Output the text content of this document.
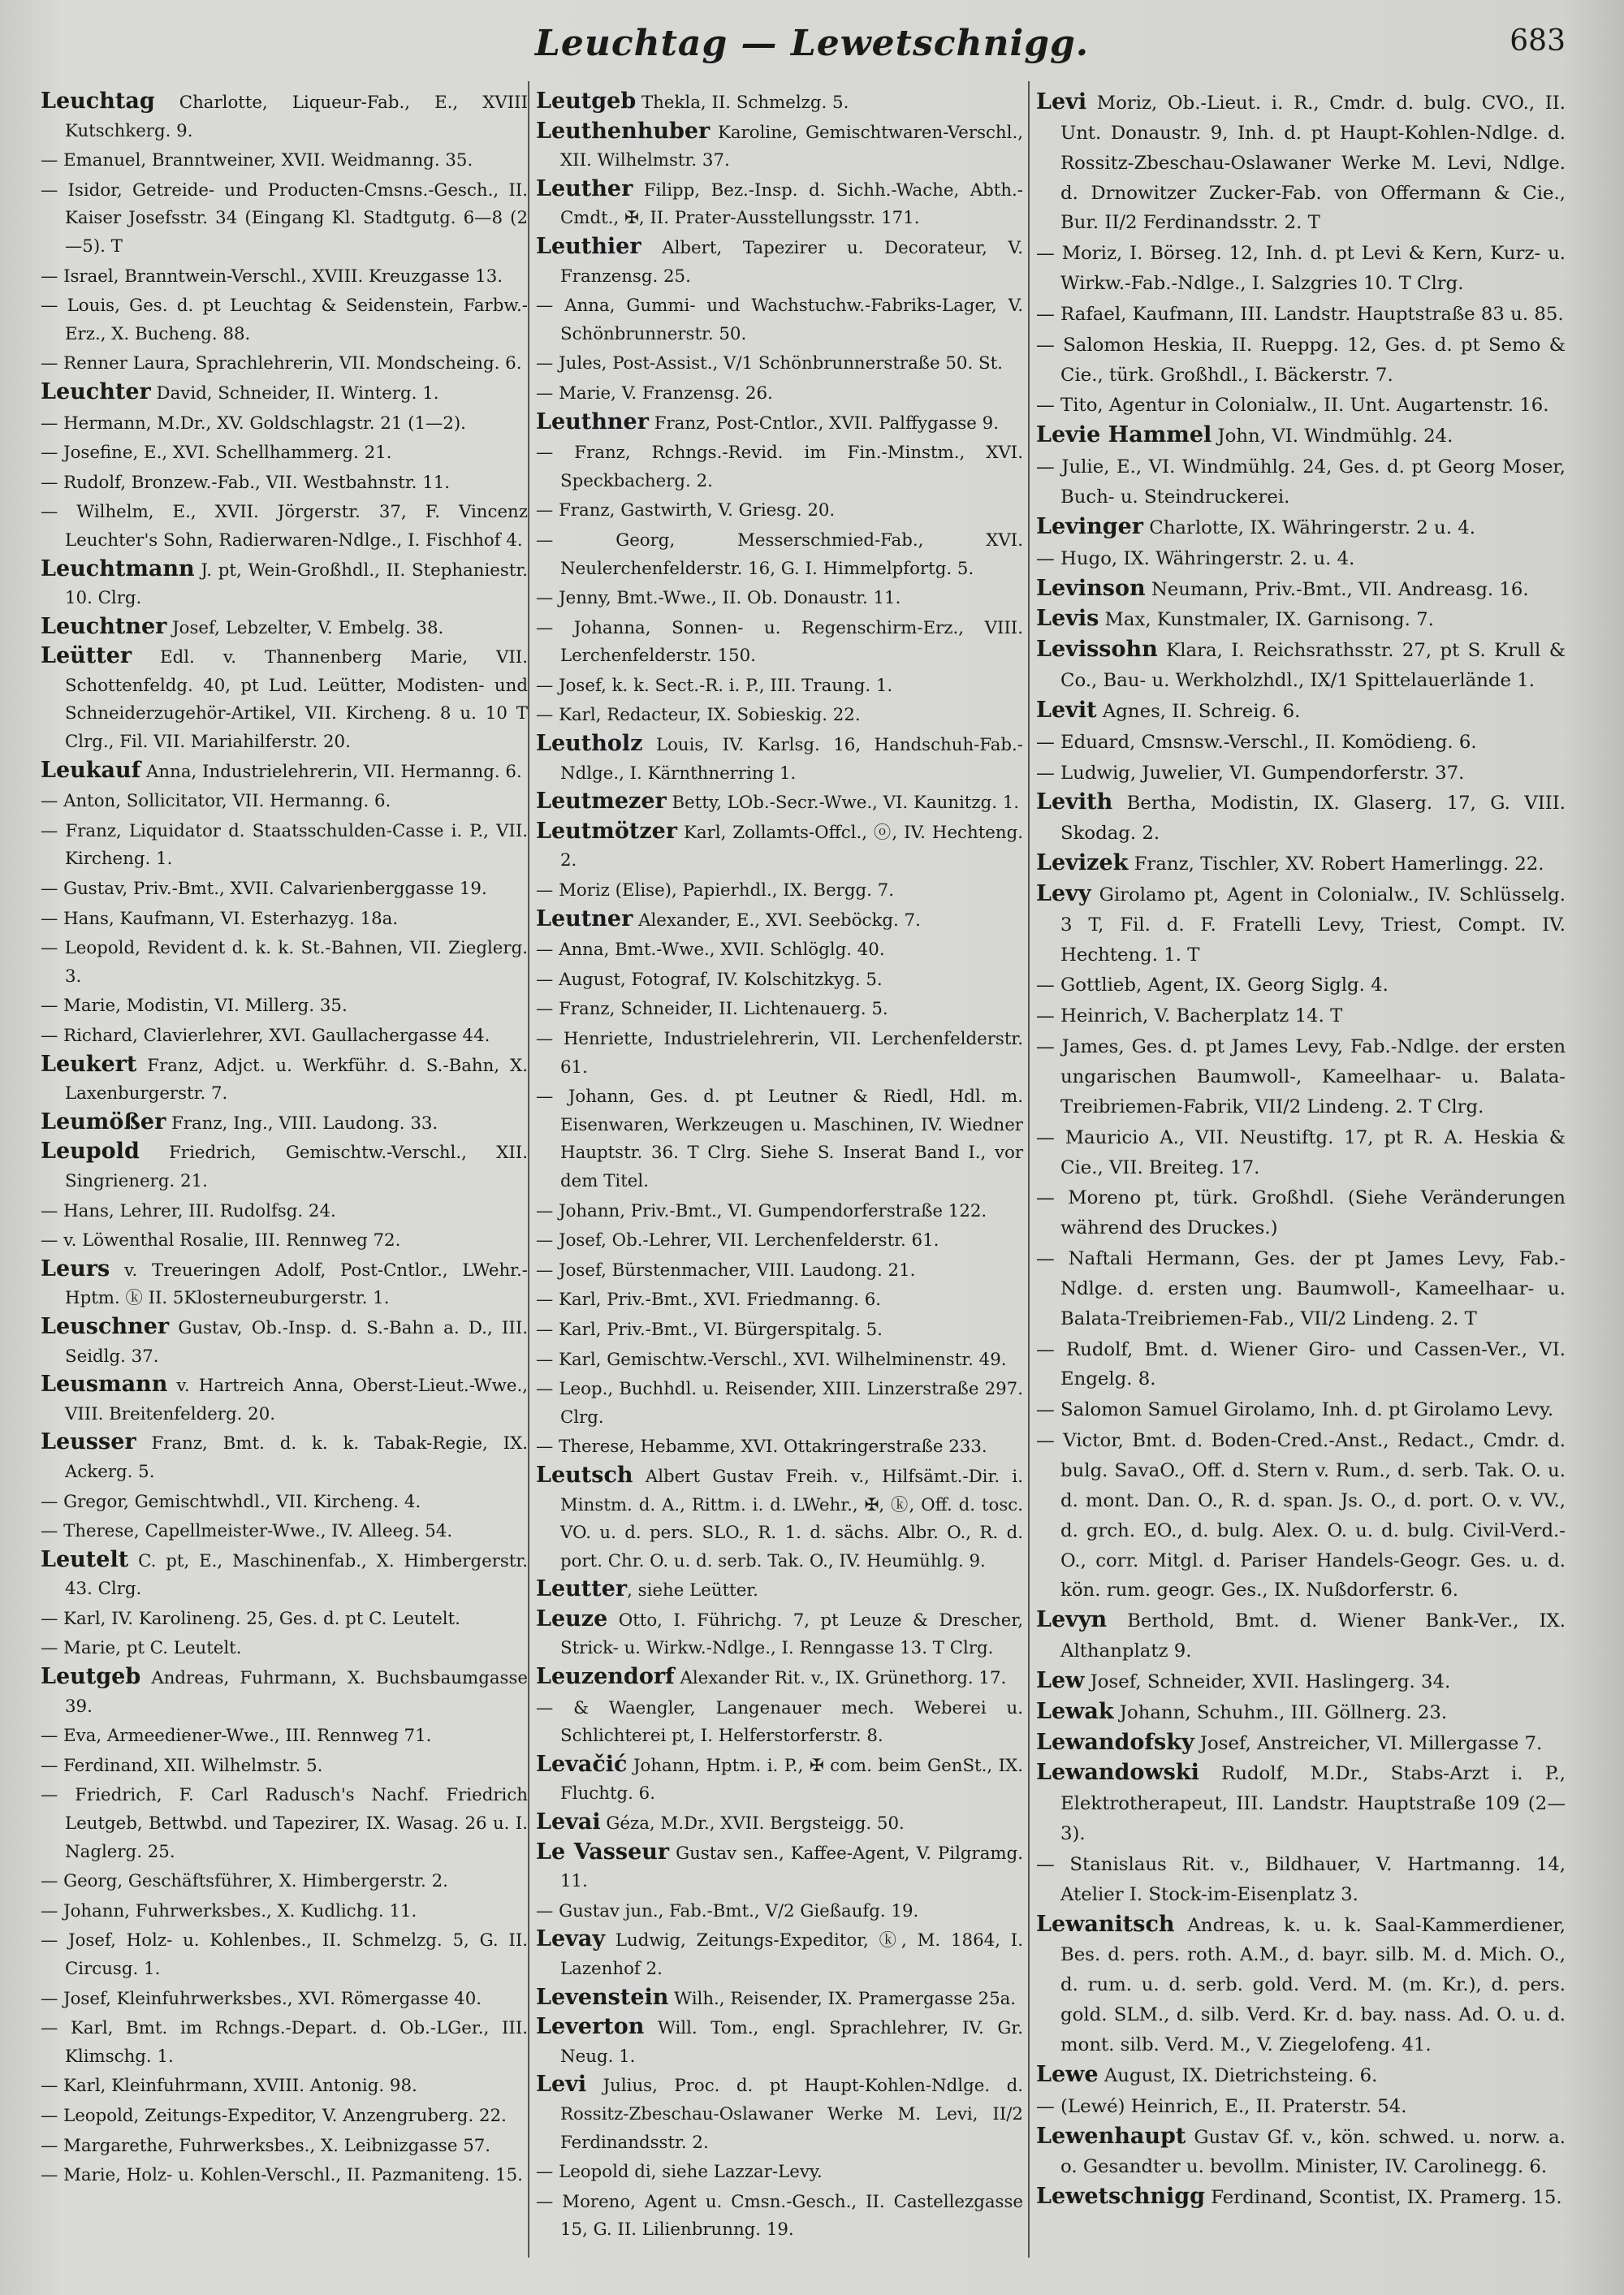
Leuchtag — Lewetschnigg.	683

Leuchtag Charlotte, Liqueur-Fab., E., XVIII Kutschkerg. 9.

— Emanuel, Branntweiner, XVII. Weidmanng. 35.

— Isidor, Getreide- und Producten-Cmsns.-Gesch., II. Kaiser Josefsstr. 34 (Eingang Kl. Stadtgutg. 6—8 (2—5). T

— Israel, Branntwein-Verschl., XVIII. Kreuzgasse 13.

— Louis, Ges. d. pt Leuchtag & Seidenstein, Farbw.-Erz., X. Bucheng. 88.

— Renner Laura, Sprachlehrerin, VII. Mondscheing. 6.

Leuchter David, Schneider, II. Winterg. 1.

— Hermann, M.Dr., XV. Goldschlagstr. 21 (1—2).

— Josefine, E., XVI. Schellhammerg. 21.

— Rudolf, Bronzew.-Fab., VII. Westbahnstr. 11.

— Wilhelm, E., XVII. Jörgerstr. 37, F. Vincenz Leuchter's Sohn, Radierwaren-Ndlge., I. Fischhof 4.

Leuchtmann J. pt, Wein-Großhdl., II. Stephaniestr. 10. Clrg.

Leuchtner Josef, Lebzelter, V. Embelg. 38.

Leütter Edl. v. Thannenberg Marie, VII. Schottenfeldg. 40, pt Lud. Leütter, Modisten- und Schneiderzugehör-Artikel, VII. Kircheng. 8 u. 10 T Clrg., Fil. VII. Mariahilferstr. 20.

Leukauf Anna, Industrielehrerin, VII. Hermanng. 6.

— Anton, Sollicitator, VII. Hermanng. 6.

— Franz, Liquidator d. Staatsschulden-Casse i. P., VII. Kircheng. 1.

— Gustav, Priv.-Bmt., XVII. Calvarienberggasse 19.

— Hans, Kaufmann, VI. Esterhazyg. 18a.

— Leopold, Revident d. k. k. St.-Bahnen, VII. Zieglerg. 3.

— Marie, Modistin, VI. Millerg. 35.

— Richard, Clavierlehrer, XVI. Gaullachergasse 44.

Leukert Franz, Adjct. u. Werkführ. d. S.-Bahn, X. Laxenburgerstr. 7.

Leumößer Franz, Ing., VIII. Laudong. 33.

Leupold Friedrich, Gemischtw.-Verschl., XII. Singrienerg. 21.

— Hans, Lehrer, III. Rudolfsg. 24.

— v. Löwenthal Rosalie, III. Rennweg 72.

Leurs v. Treueringen Adolf, Post-Cntlor., LWehr.-Hptm. ⓚ II. 5Klosterneuburgerstr. 1.

Leuschner Gustav, Ob.-Insp. d. S.-Bahn a. D., III. Seidlg. 37.

Leusmann v. Hartreich Anna, Oberst-Lieut.-Wwe., VIII. Breitenfelderg. 20.

Leusser Franz, Bmt. d. k. k. Tabak-Regie, IX. Ackerg. 5.

— Gregor, Gemischtwhdl., VII. Kircheng. 4.

— Therese, Capellmeister-Wwe., IV. Alleeg. 54.

Leutelt C. pt, E., Maschinenfab., X. Himbergerstr. 43. Clrg.

— Karl, IV. Karolineng. 25, Ges. d. pt C. Leutelt.

— Marie, pt C. Leutelt.

Leutgeb Andreas, Fuhrmann, X. Buchsbaumgasse 39.

— Eva, Armeediener-Wwe., III. Rennweg 71.

— Ferdinand, XII. Wilhelmstr. 5.

— Friedrich, F. Carl Radusch's Nachf. Friedrich Leutgeb, Bettwbd. und Tapezirer, IX. Wasag. 26 u. I. Naglerg. 25.

— Georg, Geschäftsführer, X. Himbergerstr. 2.

— Johann, Fuhrwerksbes., X. Kudlichg. 11.

— Josef, Holz- u. Kohlenbes., II. Schmelzg. 5, G. II. Circusg. 1.

— Josef, Kleinfuhrwerksbes., XVI. Römergasse 40.

— Karl, Bmt. im Rchngs.-Depart. d. Ob.-LGer., III. Klimschg. 1.

— Karl, Kleinfuhrmann, XVIII. Antonig. 98.

— Leopold, Zeitungs-Expeditor, V. Anzengruberg. 22.

— Margarethe, Fuhrwerksbes., X. Leibnizgasse 57.

— Marie, Holz- u. Kohlen-Verschl., II. Pazmaniteng. 15.

Leutgeb Thekla, II. Schmelzg. 5.

Leuthenhuber Karoline, Gemischtwaren-Verschl., XII. Wilhelmstr. 37.

Leuther Filipp, Bez.-Insp. d. Sichh.-Wache, Abth.-Cmdt., ✠, II. Prater-Ausstellungsstr. 171.

Leuthier Albert, Tapezirer u. Decorateur, V. Franzensg. 25.

— Anna, Gummi- und Wachstuchw.-Fabriks-Lager, V. Schönbrunnerstr. 50.

— Jules, Post-Assist., V/1 Schönbrunnerstraße 50. St.

— Marie, V. Franzensg. 26.

Leuthner Franz, Post-Cntlor., XVII. Palffygasse 9.

— Franz, Rchngs.-Revid. im Fin.-Minstm., XVI. Speckbacherg. 2.

— Franz, Gastwirth, V. Griesg. 20.

— Georg, Messerschmied-Fab., XVI. Neulerchenfelderstr. 16, G. I. Himmelpfortg. 5.

— Jenny, Bmt.-Wwe., II. Ob. Donaustr. 11.

— Johanna, Sonnen- u. Regenschirm-Erz., VIII. Lerchenfelderstr. 150.

— Josef, k. k. Sect.-R. i. P., III. Traung. 1.

— Karl, Redacteur, IX. Sobieskig. 22.

Leutholz Louis, IV. Karlsg. 16, Handschuh-Fab.-Ndlge., I. Kärnthnerring 1.

Leutmezer Betty, LOb.-Secr.-Wwe., VI. Kaunitzg. 1.

Leutmötzer Karl, Zollamts-Offcl., ⓞ, IV. Hechteng. 2.

— Moriz (Elise), Papierhdl., IX. Bergg. 7.

Leutner Alexander, E., XVI. Seeböckg. 7.

— Anna, Bmt.-Wwe., XVII. Schlöglg. 40.

— August, Fotograf, IV. Kolschitzkyg. 5.

— Franz, Schneider, II. Lichtenauerg. 5.

— Henriette, Industrielehrerin, VII. Lerchenfelderstr. 61.

— Johann, Ges. d. pt Leutner & Riedl, Hdl. m. Eisenwaren, Werkzeugen u. Maschinen, IV. Wiedner Hauptstr. 36. T Clrg. Siehe S. Inserat Band I., vor dem Titel.

— Johann, Priv.-Bmt., VI. Gumpendorferstraße 122.

— Josef, Ob.-Lehrer, VII. Lerchenfelderstr. 61.

— Josef, Bürstenmacher, VIII. Laudong. 21.

— Karl, Priv.-Bmt., XVI. Friedmanng. 6.

— Karl, Priv.-Bmt., VI. Bürgerspitalg. 5.

— Karl, Gemischtw.-Verschl., XVI. Wilhelminenstr. 49.

— Leop., Buchhdl. u. Reisender, XIII. Linzerstraße 297. Clrg.

— Therese, Hebamme, XVI. Ottakringerstraße 233.

Leutsch Albert Gustav Freih. v., Hilfsämt.-Dir. i. Minstm. d. A., Rittm. i. d. LWehr., ✠, ⓚ, Off. d. tosc. VO. u. d. pers. SLO., R. 1. d. sächs. Albr. O., R. d. port. Chr. O. u. d. serb. Tak. O., IV. Heumühlg. 9.

Leutter, siehe Leütter.

Leuze Otto, I. Führichg. 7, pt Leuze & Drescher, Strick- u. Wirkw.-Ndlge., I. Renngasse 13. T Clrg.

Leuzendorf Alexander Rit. v., IX. Grünethorg. 17.

— & Waengler, Langenauer mech. Weberei u. Schlichterei pt, I. Helferstorferstr. 8.

Levačić Johann, Hptm. i. P., ✠ com. beim GenSt., IX. Fluchtg. 6.

Levai Géza, M.Dr., XVII. Bergsteigg. 50.

Le Vasseur Gustav sen., Kaffee-Agent, V. Pilgramg. 11.

— Gustav jun., Fab.-Bmt., V/2 Gießaufg. 19.

Levay Ludwig, Zeitungs-Expeditor, ⓚ, M. 1864, I. Lazenhof 2.

Levenstein Wilh., Reisender, IX. Pramergasse 25a.

Leverton Will. Tom., engl. Sprachlehrer, IV. Gr. Neug. 1.

Levi Julius, Proc. d. pt Haupt-Kohlen-Ndlge. d. Rossitz-Zbeschau-Oslawaner Werke M. Levi, II/2 Ferdinandsstr. 2.

— Leopold di, siehe Lazzar-Levy.

— Moreno, Agent u. Cmsn.-Gesch., II. Castellezgasse 15, G. II. Lilienbrunng. 19.

Levi Moriz, Ob.-Lieut. i. R., Cmdr. d. bulg. CVO., II. Unt. Donaustr. 9, Inh. d. pt Haupt-Kohlen-Ndlge. d. Rossitz-Zbeschau-Oslawaner Werke M. Levi, Ndlge. d. Drnowitzer Zucker-Fab. von Offermann & Cie., Bur. II/2 Ferdinandsstr. 2. T

— Moriz, I. Börseg. 12, Inh. d. pt Levi & Kern, Kurz- u. Wirkw.-Fab.-Ndlge., I. Salzgries 10. T Clrg.

— Rafael, Kaufmann, III. Landstr. Hauptstraße 83 u. 85.

— Salomon Heskia, II. Rueppg. 12, Ges. d. pt Semo & Cie., türk. Großhdl., I. Bäckerstr. 7.

— Tito, Agentur in Colonialw., II. Unt. Augartenstr. 16.

Levie Hammel John, VI. Windmühlg. 24.

— Julie, E., VI. Windmühlg. 24, Ges. d. pt Georg Moser, Buch- u. Steindruckerei.

Levinger Charlotte, IX. Währingerstr. 2 u. 4.

— Hugo, IX. Währingerstr. 2. u. 4.

Levinson Neumann, Priv.-Bmt., VII. Andreasg. 16.

Levis Max, Kunstmaler, IX. Garnisong. 7.

Levissohn Klara, I. Reichsrathsstr. 27, pt S. Krull & Co., Bau- u. Werkholzhdl., IX/1 Spittelauerlände 1.

Levit Agnes, II. Schreig. 6.

— Eduard, Cmsnsw.-Verschl., II. Komödieng. 6.

— Ludwig, Juwelier, VI. Gumpendorferstr. 37.

Levith Bertha, Modistin, IX. Glaserg. 17, G. VIII. Skodag. 2.

Levizek Franz, Tischler, XV. Robert Hamerlingg. 22.

Levy Girolamo pt, Agent in Colonialw., IV. Schlüsselg. 3 T, Fil. d. F. Fratelli Levy, Triest, Compt. IV. Hechteng. 1. T

— Gottlieb, Agent, IX. Georg Siglg. 4.

— Heinrich, V. Bacherplatz 14. T

— James, Ges. d. pt James Levy, Fab.-Ndlge. der ersten ungarischen Baumwoll-, Kameelhaar- u. Balata-Treibriemen-Fabrik, VII/2 Lindeng. 2. T Clrg.

— Mauricio A., VII. Neustiftg. 17, pt R. A. Heskia & Cie., VII. Breiteg. 17.

— Moreno pt, türk. Großhdl. (Siehe Veränderungen während des Druckes.)

— Naftali Hermann, Ges. der pt James Levy, Fab.-Ndlge. d. ersten ung. Baumwoll-, Kameelhaar- u. Balata-Treibriemen-Fab., VII/2 Lindeng. 2. T

— Rudolf, Bmt. d. Wiener Giro- und Cassen-Ver., VI. Engelg. 8.

— Salomon Samuel Girolamo, Inh. d. pt Girolamo Levy.

— Victor, Bmt. d. Boden-Cred.-Anst., Redact., Cmdr. d. bulg. SavaO., Off. d. Stern v. Rum., d. serb. Tak. O. u. d. mont. Dan. O., R. d. span. Js. O., d. port. O. v. VV., d. grch. EO., d. bulg. Alex. O. u. d. bulg. Civil-Verd.-O., corr. Mitgl. d. Pariser Handels-Geogr. Ges. u. d. kön. rum. geogr. Ges., IX. Nußdorferstr. 6.

Levyn Berthold, Bmt. d. Wiener Bank-Ver., IX. Althanplatz 9.

Lew Josef, Schneider, XVII. Haslingerg. 34.

Lewak Johann, Schuhm., III. Göllnerg. 23.

Lewandofsky Josef, Anstreicher, VI. Millergasse 7.

Lewandowski Rudolf, M.Dr., Stabs-Arzt i. P., Elektrotherapeut, III. Landstr. Hauptstraße 109 (2—3).

— Stanislaus Rit. v., Bildhauer, V. Hartmanng. 14, Atelier I. Stock-im-Eisenplatz 3.

Lewanitsch Andreas, k. u. k. Saal-Kammerdiener, Bes. d. pers. roth. A.M., d. bayr. silb. M. d. Mich. O., d. rum. u. d. serb. gold. Verd. M. (m. Kr.), d. pers. gold. SLM., d. silb. Verd. Kr. d. bay. nass. Ad. O. u. d. mont. silb. Verd. M., V. Ziegelofeng. 41.

Lewe August, IX. Dietrichsteing. 6.

— (Lewé) Heinrich, E., II. Praterstr. 54.

Lewenhaupt Gustav Gf. v., kön. schwed. u. norw. a. o. Gesandter u. bevollm. Minister, IV. Carolinegg. 6.

Lewetschnigg Ferdinand, Scontist, IX. Pramerg. 15.
